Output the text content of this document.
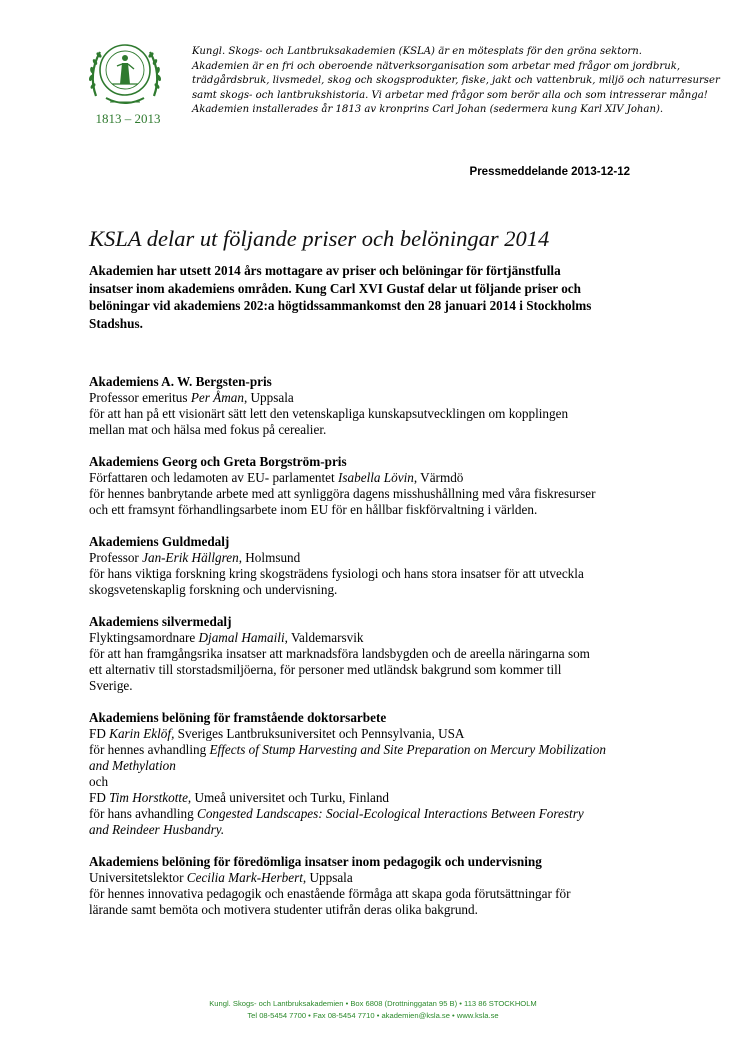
1813 – 2013
Kungl. Skogs- och Lantbruksakademien (KSLA) är en mötesplats för den gröna sektorn.
Akademien är en fri och oberoende nätverksorganisation som arbetar med frågor om jordbruk,
trädgårdsbruk, livsmedel, skog och skogsprodukter, fiske, jakt och vattenbruk, miljö och naturresurser
samt skogs- och lantbrukshistoria. Vi arbetar med frågor som berör alla och som intresserar många!
Akademien installerades år 1813 av kronprins Carl Johan (sedermera kung Karl XIV Johan).
Pressmeddelande 2013-12-12
KSLA delar ut följande priser och belöningar 2014
Akademien har utsett 2014 års mottagare av priser och belöningar för förtjänstfulla
insatser inom akademiens områden. Kung Carl XVI Gustaf delar ut följande priser och
belöningar vid akademiens 202:a högtidssammankomst den 28 januari 2014 i Stockholms
Stadshus.
Akademiens A. W. Bergsten-pris
Professor emeritus Per Åman, Uppsala
för att han på ett visionärt sätt lett den vetenskapliga kunskapsutvecklingen om kopplingen
mellan mat och hälsa med fokus på cerealier.
Akademiens Georg och Greta Borgström-pris
Författaren och ledamoten av EU- parlamentet Isabella Lövin, Värmdö
för hennes banbrytande arbete med att synliggöra dagens misshushållning med våra fiskresurser
och ett framsynt förhandlingsarbete inom EU för en hållbar fiskförvaltning i världen.
Akademiens Guldmedalj
Professor Jan-Erik Hällgren, Holmsund
för hans viktiga forskning kring skogsträdens fysiologi och hans stora insatser för att utveckla
skogsvetenskaplig forskning och undervisning.
Akademiens silvermedalj
Flyktingsamordnare Djamal Hamaili, Valdemarsvik
för att han framgångsrika insatser att marknadsföra landsbygden och de areella näringarna som
ett alternativ till storstadsmiljöerna, för personer med utländsk bakgrund som kommer till
Sverige.
Akademiens belöning för framstående doktorsarbete
FD Karin Eklöf, Sveriges Lantbruksuniversitet och Pennsylvania, USA
för hennes avhandling Effects of Stump Harvesting and Site Preparation on Mercury Mobilization
and Methylation
och
FD Tim Horstkotte, Umeå universitet och Turku, Finland
för hans avhandling Congested Landscapes: Social-Ecological Interactions Between Forestry
and Reindeer Husbandry.
Akademiens belöning för föredömliga insatser inom pedagogik och undervisning
Universitetslektor Cecilia Mark-Herbert, Uppsala
för hennes innovativa pedagogik och enastående förmåga att skapa goda förutsättningar för
lärande samt bemöta och motivera studenter utifrån deras olika bakgrund.
Kungl. Skogs- och Lantbruksakademien • Box 6808 (Drottninggatan 95 B) • 113 86 STOCKHOLM
Tel 08-5454 7700 • Fax 08-5454 7710 • akademien@ksla.se • www.ksla.se
